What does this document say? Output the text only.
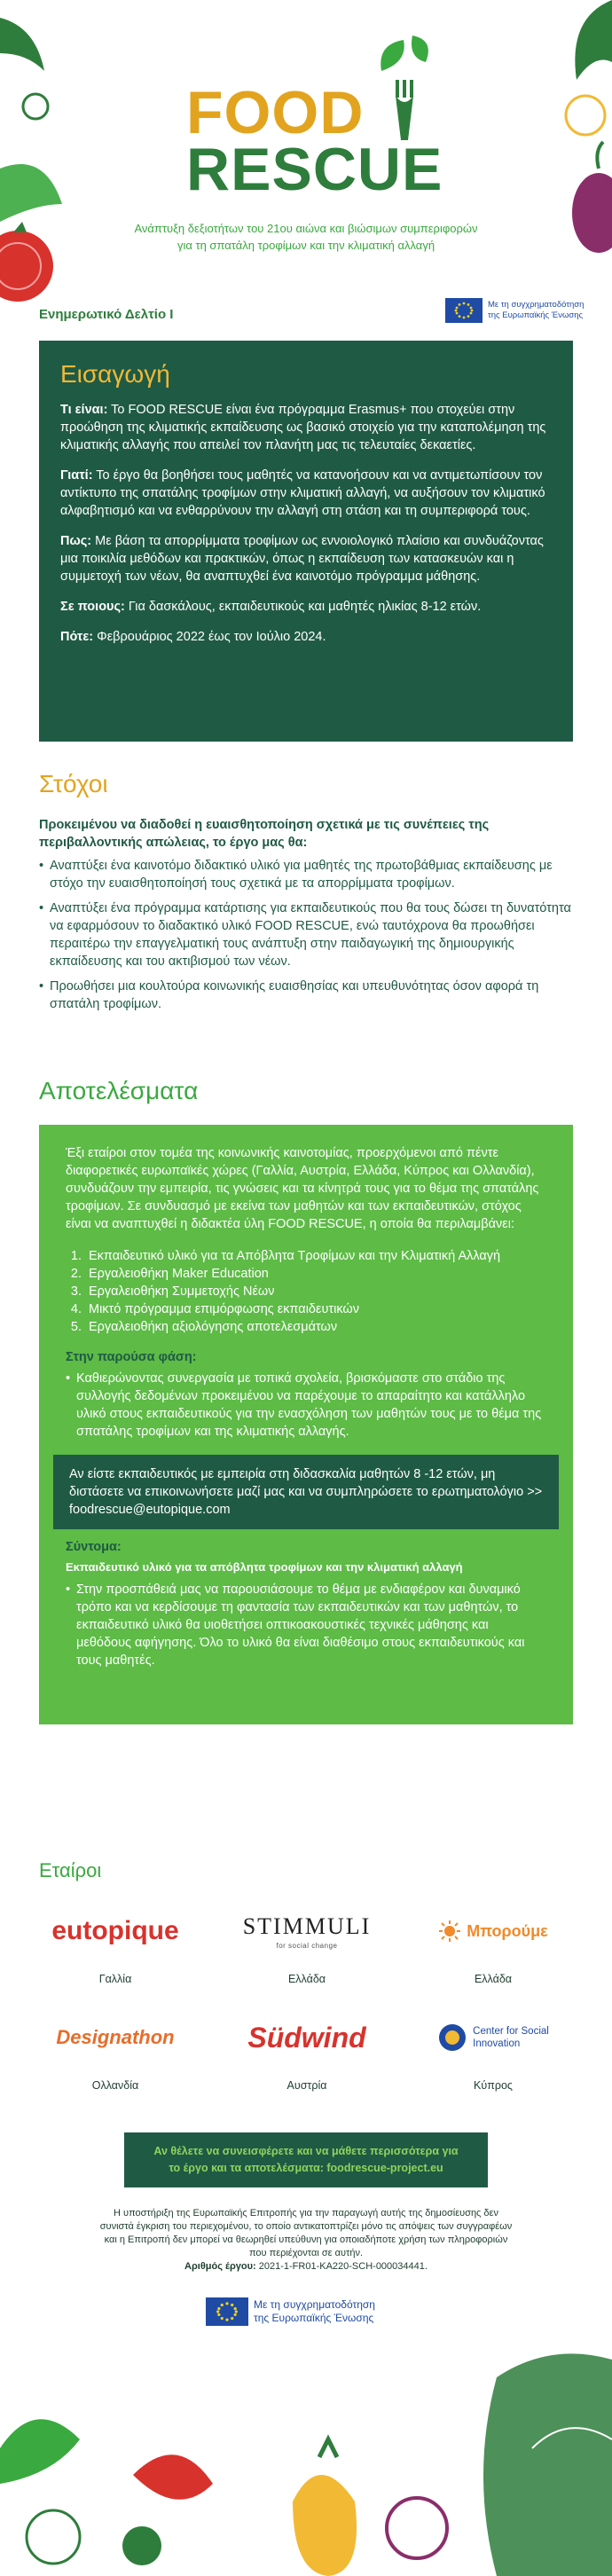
FOOD
RESCUE
Ανάπτυξη δεξιοτήτων του 21ου αιώνα και βιώσιμων συμπεριφορών
για τη σπατάλη τροφίμων και την κλιματική αλλαγή
Ενημερωτικό Δελτίο Ι
Με τη συγχρηματοδότηση
της Ευρωπαϊκής Ένωσης
Εισαγωγή

Τι είναι: Το FOOD RESCUE είναι ένα πρόγραμμα Erasmus+ που στοχεύει στην προώθηση της κλιματικής εκπαίδευσης ως βασικό στοιχείο για την καταπολέμηση της κλιματικής αλλαγής που απειλεί τον πλανήτη μας τις τελευταίες δεκαετίες.

Γιατί: Το έργο θα βοηθήσει τους μαθητές να κατανοήσουν και να αντιμετωπίσουν τον αντίκτυπο της σπατάλης τροφίμων στην κλιματική αλλαγή, να αυξήσουν τον κλιματικό αλφαβητισμό και να ενθαρρύνουν την αλλαγή στη στάση και τη συμπεριφορά τους.

Πως: Με βάση τα απορρίμματα τροφίμων ως εννοιολογικό πλαίσιο και συνδυάζοντας μια ποικιλία μεθόδων και πρακτικών, όπως η εκπαίδευση των κατασκευών και η συμμετοχή των νέων, θα αναπτυχθεί ένα καινοτόμο πρόγραμμα μάθησης.

Σε ποιους: Για δασκάλους, εκπαιδευτικούς και μαθητές ηλικίας 8-12 ετών.

Πότε: Φεβρουάριος 2022 έως τον Ιούλιο 2024.

Στόχοι
Προκειμένου να διαδοθεί η ευαισθητοποίηση σχετικά με τις συνέπειες της περιβαλλοντικής απώλειας, το έργο μας θα:
• Αναπτύξει ένα καινοτόμο διδακτικό υλικό για μαθητές της πρωτοβάθμιας εκπαίδευσης με στόχο την ευαισθητοποίησή τους σχετικά με τα απορρίμματα τροφίμων.
• Αναπτύξει ένα πρόγραμμα κατάρτισης για εκπαιδευτικούς που θα τους δώσει τη δυνατότητα να εφαρμόσουν το διαδακτικό υλικό FOOD RESCUE, ενώ ταυτόχρονα θα προωθήσει περαιτέρω την επαγγελματική τους ανάπτυξη στην παιδαγωγική της δημιουργικής εκπαίδευσης και του ακτιβισμού των νέων.
• Προωθήσει μια κουλτούρα κοινωνικής ευαισθησίας και υπευθυνότητας όσον αφορά τη σπατάλη τροφίμων.
Αποτελέσματα

Έξι εταίροι στον τομέα της κοινωνικής καινοτομίας, προερχόμενοι από πέντε διαφορετικές ευρωπαϊκές χώρες (Γαλλία, Αυστρία, Ελλάδα, Κύπρος και Ολλανδία), συνδυάζουν την εμπειρία, τις γνώσεις και τα κίνητρά τους για το θέμα της σπατάλης τροφίμων. Σε συνδυασμό με εκείνα των μαθητών και των εκπαιδευτικών, στόχος είναι να αναπτυχθεί η διδακτέα ύλη FOOD RESCUE, η οποία θα περιλαμβάνει:

1. Εκπαιδευτικό υλικό για τα Απόβλητα Τροφίμων και την Κλιματική Αλλαγή
2. Εργαλειοθήκη Maker Education
3. Εργαλειοθήκη Συμμετοχής Νέων
4. Μικτό πρόγραμμα επιμόρφωσης εκπαιδευτικών
5. Εργαλειοθήκη αξιολόγησης αποτελεσμάτων
Στην παρούσα φάση:
• Καθιερώνοντας συνεργασία με τοπικά σχολεία, βρισκόμαστε στο στάδιο της συλλογής δεδομένων προκειμένου να παρέχουμε το απαραίτητο και κατάλληλο υλικό στους εκπαιδευτικούς για την ενασχόληση των μαθητών τους με το θέμα της σπατάλης τροφίμων και της κλιματικής αλλαγής.
Αν είστε εκπαιδευτικός με εμπειρία στη διδασκαλία μαθητών 8 -12 ετών, μη διστάσετε να επικοινωνήσετε μαζί μας και να συμπληρώσετε το ερωτηματολόγιο >> foodrescue@eutopique.com
Σύντομα:
Εκπαιδευτικό υλικό για τα απόβλητα τροφίμων και την κλιματική αλλαγή
• Στην προσπάθειά μας να παρουσιάσουμε το θέμα με ενδιαφέρον και δυναμικό τρόπο και να κερδίσουμε τη φαντασία των εκπαιδευτικών και των μαθητών, το εκπαιδευτικό υλικό θα υιοθετήσει οπτικοακουστικές τεχνικές μάθησης και μεθόδους αφήγησης. Όλο το υλικό θα είναι διαθέσιμο στους εκπαιδευτικούς και τους μαθητές.
Εταίροι
eutopique
Γαλλία
STIMMULI
for social change
Ελλάδα
Μπορούμε
Ελλάδα
Designathon
Ολλανδία
Südwind
Αυστρία
Center for Social
Innovation
Κύπρος
Αν θέλετε να συνεισφέρετε και να μάθετε περισσότερα για
το έργο και τα αποτελέσματα: foodrescue-project.eu
Η υποστήριξη της Ευρωπαϊκής Επιτροπής για την παραγωγή αυτής της δημοσίευσης δεν συνιστά έγκριση του περιεχομένου, το οποίο αντικατοπτρίζει μόνο τις απόψεις των συγγραφέων και η Επιτροπή δεν μπορεί να θεωρηθεί υπεύθυνη για οποιαδήποτε χρήση των πληροφοριών που περιέχονται σε αυτήν.
Αριθμός έργου: 2021-1-FR01-KA220-SCH-000034441.
Με τη συγχρηματοδότηση
της Ευρωπαϊκής Ένωσης
